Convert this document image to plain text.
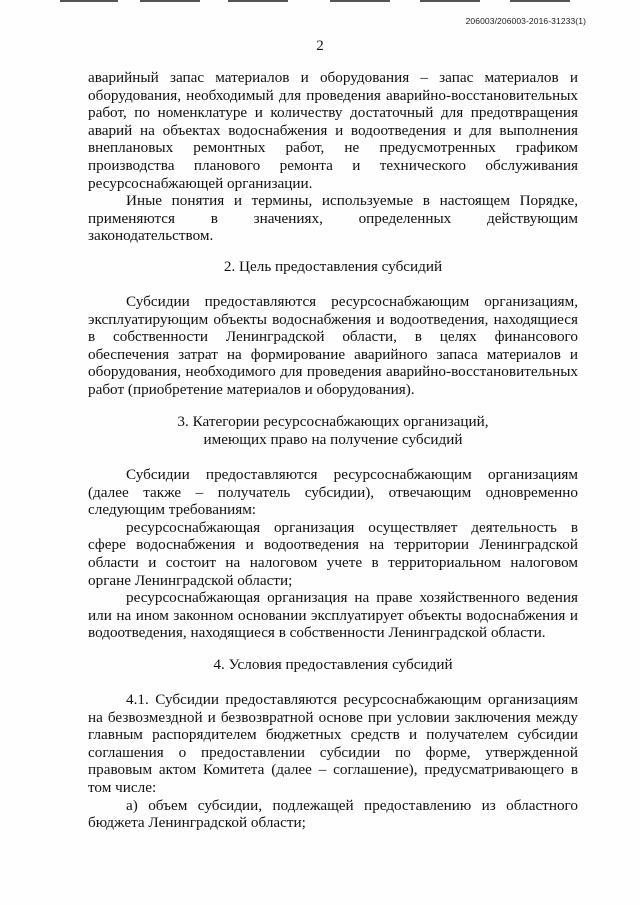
206003/206003-2016-31233(1)
2

аварийный запас материалов и оборудования – запас материалов и оборудования, необходимый для проведения аварийно-восстановительных работ, по номенклатуре и количеству достаточный для предотвращения аварий на объектах водоснабжения и водоотведения и для выполнения внеплановых ремонтных работ, не предусмотренных графиком производства планового ремонта и технического обслуживания ресурсоснабжающей организации.

Иные понятия и термины, используемые в настоящем Порядке, применяются в значениях, определенных действующим законодательством.

2. Цель предоставления субсидий

Субсидии предоставляются ресурсоснабжающим организациям, эксплуатирующим объекты водоснабжения и водоотведения, находящиеся в собственности Ленинградской области, в целях финансового обеспечения затрат на формирование аварийного запаса материалов и оборудования, необходимого для проведения аварийно-восстановительных работ (приобретение материалов и оборудования).

3. Категории ресурсоснабжающих организаций,
имеющих право на получение субсидий

Субсидии предоставляются ресурсоснабжающим организациям (далее также – получатель субсидии), отвечающим одновременно следующим требованиям:

ресурсоснабжающая организация осуществляет деятельность в сфере водоснабжения и водоотведения на территории Ленинградской области и состоит на налоговом учете в территориальном налоговом органе Ленинградской области;

ресурсоснабжающая организация на праве хозяйственного ведения или на ином законном основании эксплуатирует объекты водоснабжения и водоотведения, находящиеся в собственности Ленинградской области.

4. Условия предоставления субсидий

4.1. Субсидии предоставляются ресурсоснабжающим организациям на безвозмездной и безвозвратной основе при условии заключения между главным распорядителем бюджетных средств и получателем субсидии соглашения о предоставлении субсидии по форме, утвержденной правовым актом Комитета (далее – соглашение), предусматривающего в том числе:

а) объем субсидии, подлежащей предоставлению из областного бюджета Ленинградской области;
